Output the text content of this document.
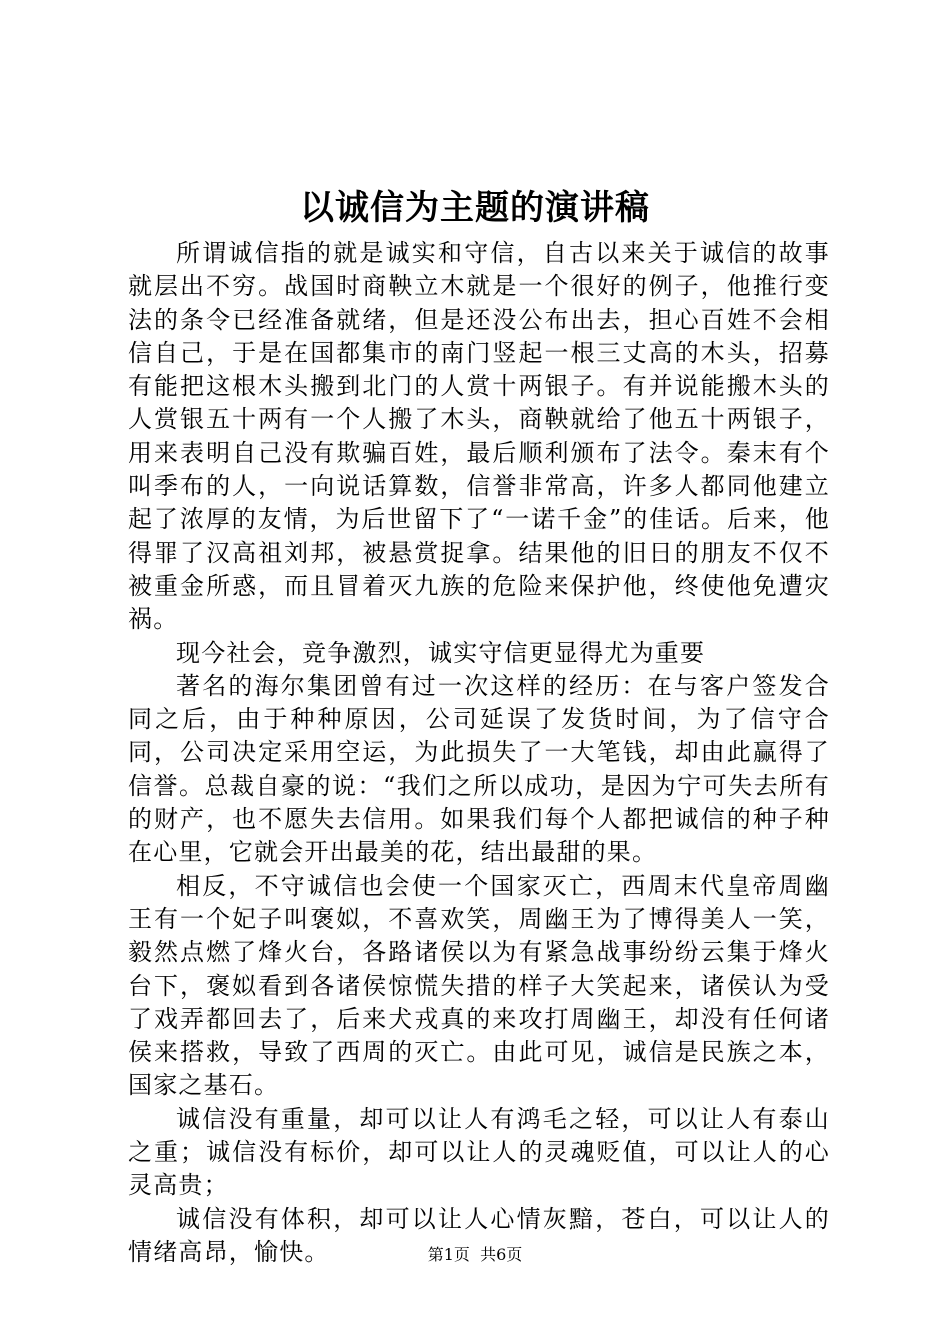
以诚信为主题的演讲稿

所谓诚信指的就是诚实和守信，自古以来关于诚信的故事就层出不穷。战国时商鞅立木就是一个很好的例子，他推行变法的条令已经准备就绪，但是还没公布出去，担心百姓不会相信自己，于是在国都集市的南门竖起一根三丈高的木头，招募有能把这根木头搬到北门的人赏十两银子。有并说能搬木头的人赏银五十两有一个人搬了木头，商鞅就给了他五十两银子，用来表明自己没有欺骗百姓，最后顺利颁布了法令。秦末有个叫季布的人，一向说话算数，信誉非常高，许多人都同他建立起了浓厚的友情，为后世留下了“一诺千金”的佳话。后来，他得罪了汉高祖刘邦，被悬赏捉拿。结果他的旧日的朋友不仅不被重金所惑，而且冒着灭九族的危险来保护他，终使他免遭灾祸。

现今社会，竞争激烈，诚实守信更显得尤为重要

著名的海尔集团曾有过一次这样的经历：在与客户签发合同之后，由于种种原因，公司延误了发货时间，为了信守合同，公司决定采用空运，为此损失了一大笔钱，却由此赢得了信誉。总裁自豪的说：“我们之所以成功，是因为宁可失去所有的财产，也不愿失去信用。如果我们每个人都把诚信的种子种在心里，它就会开出最美的花，结出最甜的果。

相反，不守诚信也会使一个国家灭亡，西周末代皇帝周幽王有一个妃子叫褒姒，不喜欢笑，周幽王为了博得美人一笑，毅然点燃了烽火台，各路诸侯以为有紧急战事纷纷云集于烽火台下，褒姒看到各诸侯惊慌失措的样子大笑起来，诸侯认为受了戏弄都回去了，后来犬戎真的来攻打周幽王，却没有任何诸侯来搭救，导致了西周的灭亡。由此可见，诚信是民族之本，国家之基石。

诚信没有重量，却可以让人有鸿毛之轻，可以让人有泰山之重；诚信没有标价，却可以让人的灵魂贬值，可以让人的心灵高贵；

诚信没有体积，却可以让人心情灰黯，苍白，可以让人的情绪高昂，愉快。	第1页 共6页
